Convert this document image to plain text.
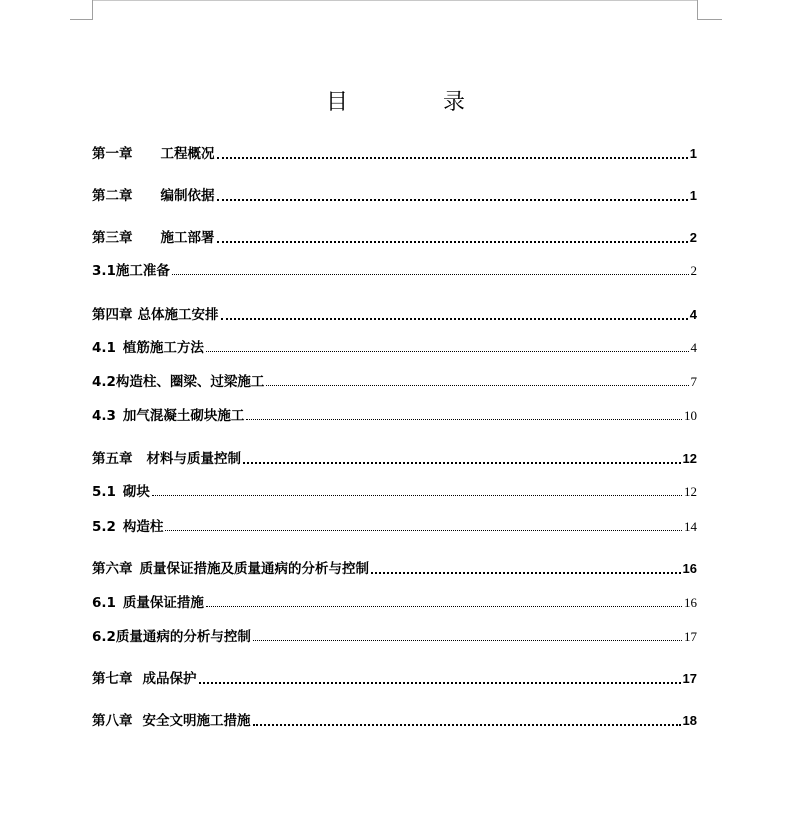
目 录
第一章 工程概况	1
第二章 编制依据	1
第三章 施工部署	2
3.1施工准备	2
第四章 总体施工安排	4
4.1 植筋施工方法	4
4.2构造柱、圈梁、过梁施工	7
4.3 加气混凝土砌块施工	10
第五章 材料与质量控制	12
5.1 砌块	12
5.2 构造柱	14
第六章 质量保证措施及质量通病的分析与控制	16
6.1 质量保证措施	16
6.2质量通病的分析与控制	17
第七章 成品保护	17
第八章 安全文明施工措施	18
